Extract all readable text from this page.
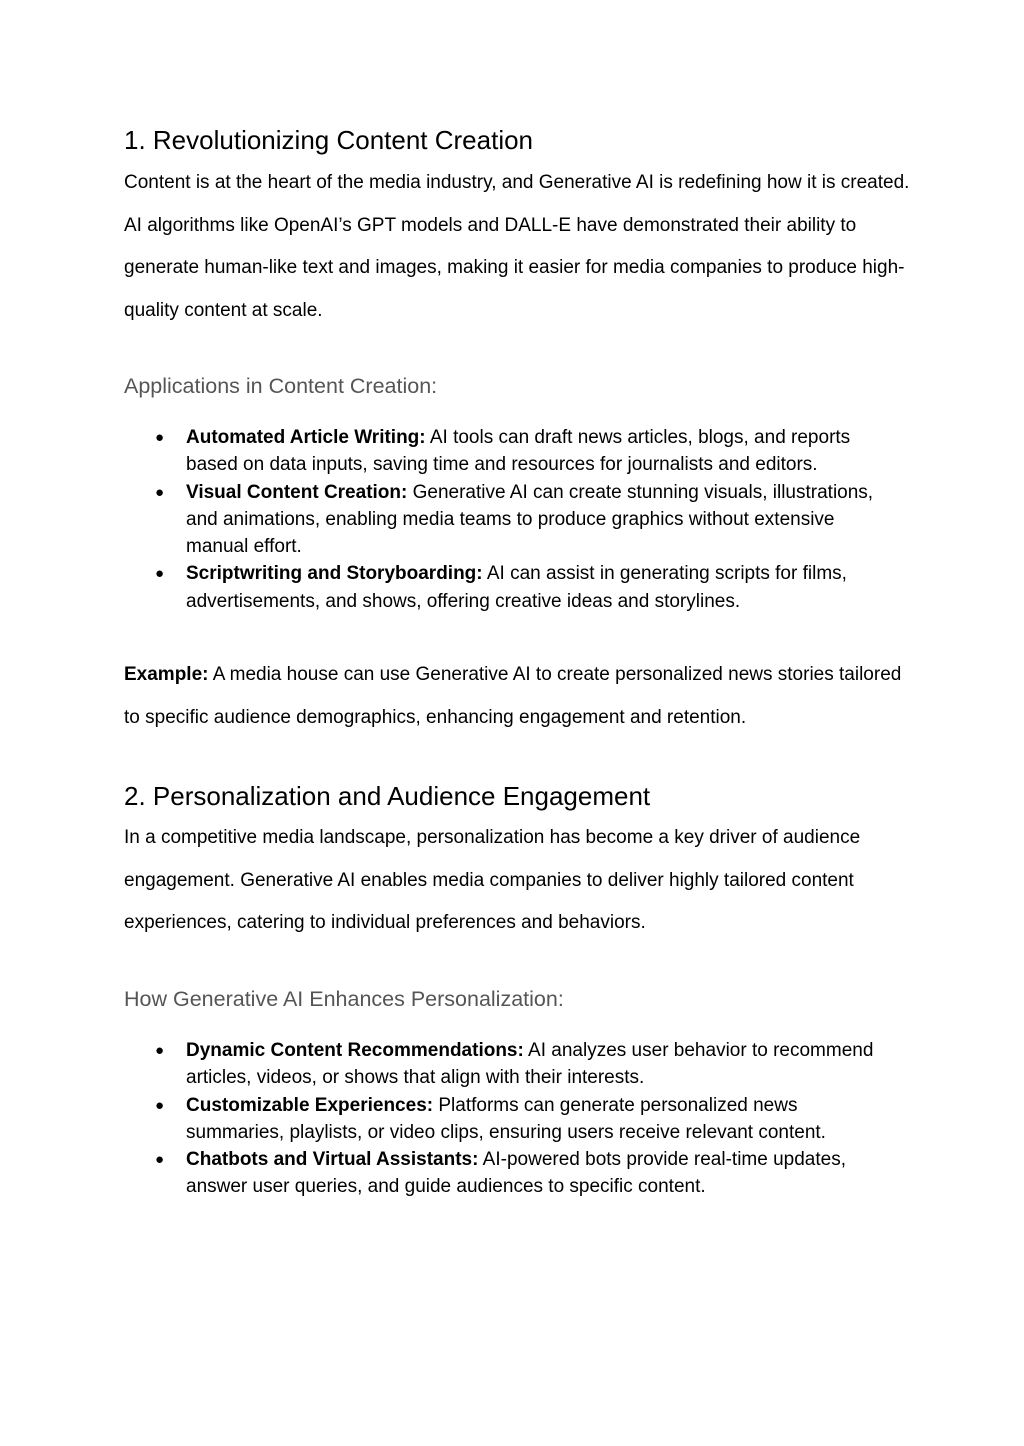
1. Revolutionizing Content Creation

Content is at the heart of the media industry, and Generative AI is redefining how it is created. AI algorithms like OpenAI’s GPT models and DALL-E have demonstrated their ability to generate human-like text and images, making it easier for media companies to produce high-quality content at scale.

Applications in Content Creation:
● Automated Article Writing: AI tools can draft news articles, blogs, and reports based on data inputs, saving time and resources for journalists and editors.
● Visual Content Creation: Generative AI can create stunning visuals, illustrations, and animations, enabling media teams to produce graphics without extensive manual effort.
● Scriptwriting and Storyboarding: AI can assist in generating scripts for films, advertisements, and shows, offering creative ideas and storylines.

Example: A media house can use Generative AI to create personalized news stories tailored to specific audience demographics, enhancing engagement and retention.

2. Personalization and Audience Engagement

In a competitive media landscape, personalization has become a key driver of audience engagement. Generative AI enables media companies to deliver highly tailored content experiences, catering to individual preferences and behaviors.

How Generative AI Enhances Personalization:
● Dynamic Content Recommendations: AI analyzes user behavior to recommend articles, videos, or shows that align with their interests.
● Customizable Experiences: Platforms can generate personalized news summaries, playlists, or video clips, ensuring users receive relevant content.
● Chatbots and Virtual Assistants: AI-powered bots provide real-time updates, answer user queries, and guide audiences to specific content.
